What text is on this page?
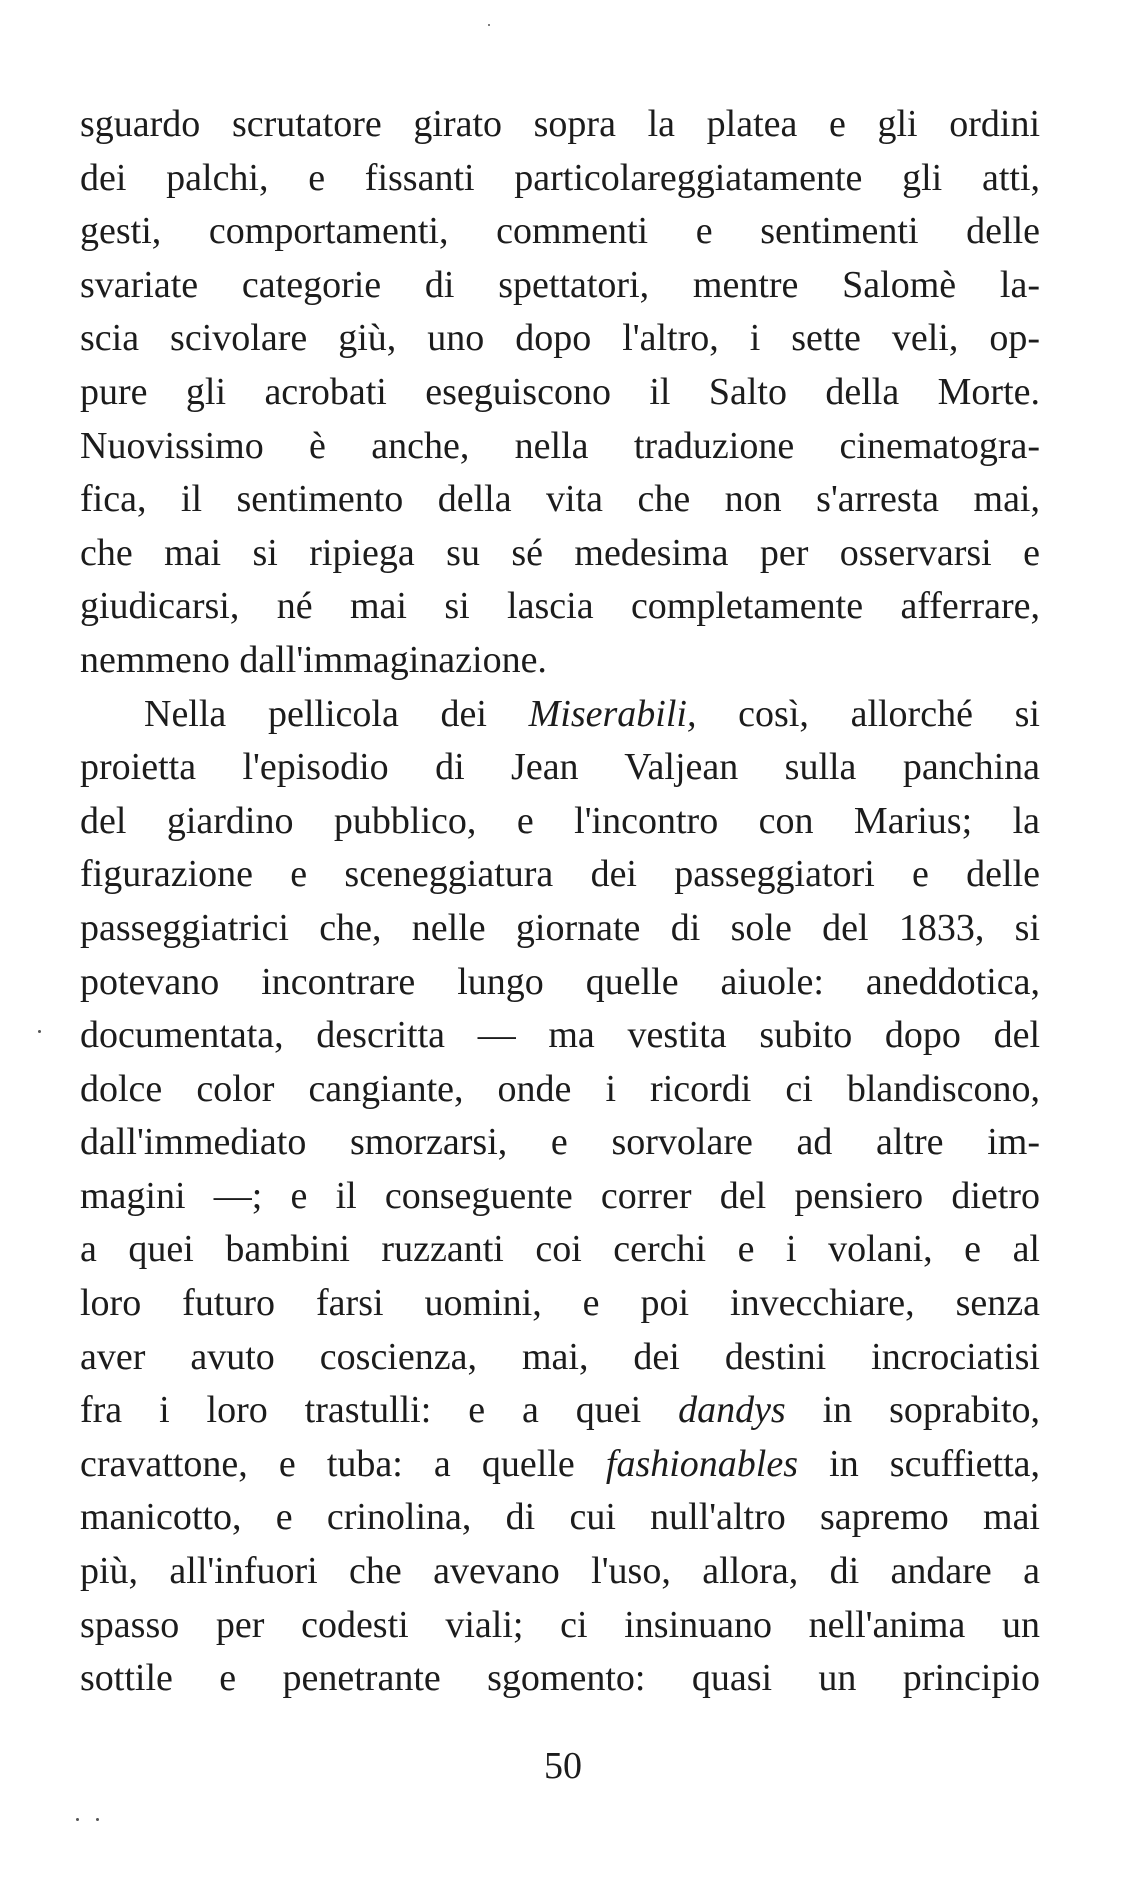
sguardo scrutatore girato sopra la platea e gli ordini
dei palchi, e fissanti particolareggiatamente gli atti,
gesti, comportamenti, commenti e sentimenti delle
svariate categorie di spettatori, mentre Salomè la-
scia scivolare giù, uno dopo l'altro, i sette veli, op-
pure gli acrobati eseguiscono il Salto della Morte.
Nuovissimo è anche, nella traduzione cinematogra-
fica, il sentimento della vita che non s'arresta mai,
che mai si ripiega su sé medesima per osservarsi e
giudicarsi, né mai si lascia completamente afferrare,
nemmeno dall'immaginazione.
Nella pellicola dei Miserabili, così, allorché si
proietta l'episodio di Jean Valjean sulla panchina
del giardino pubblico, e l'incontro con Marius; la
figurazione e sceneggiatura dei passeggiatori e delle
passeggiatrici che, nelle giornate di sole del 1833, si
potevano incontrare lungo quelle aiuole: aneddotica,
documentata, descritta — ma vestita subito dopo del
dolce color cangiante, onde i ricordi ci blandiscono,
dall'immediato smorzarsi, e sorvolare ad altre im-
magini —; e il conseguente correr del pensiero dietro
a quei bambini ruzzanti coi cerchi e i volani, e al
loro futuro farsi uomini, e poi invecchiare, senza
aver avuto coscienza, mai, dei destini incrociatisi
fra i loro trastulli: e a quei dandys in soprabito,
cravattone, e tuba: a quelle fashionables in scuffietta,
manicotto, e crinolina, di cui null'altro sapremo mai
più, all'infuori che avevano l'uso, allora, di andare a
spasso per codesti viali; ci insinuano nell'anima un
sottile e penetrante sgomento: quasi un principio
50
